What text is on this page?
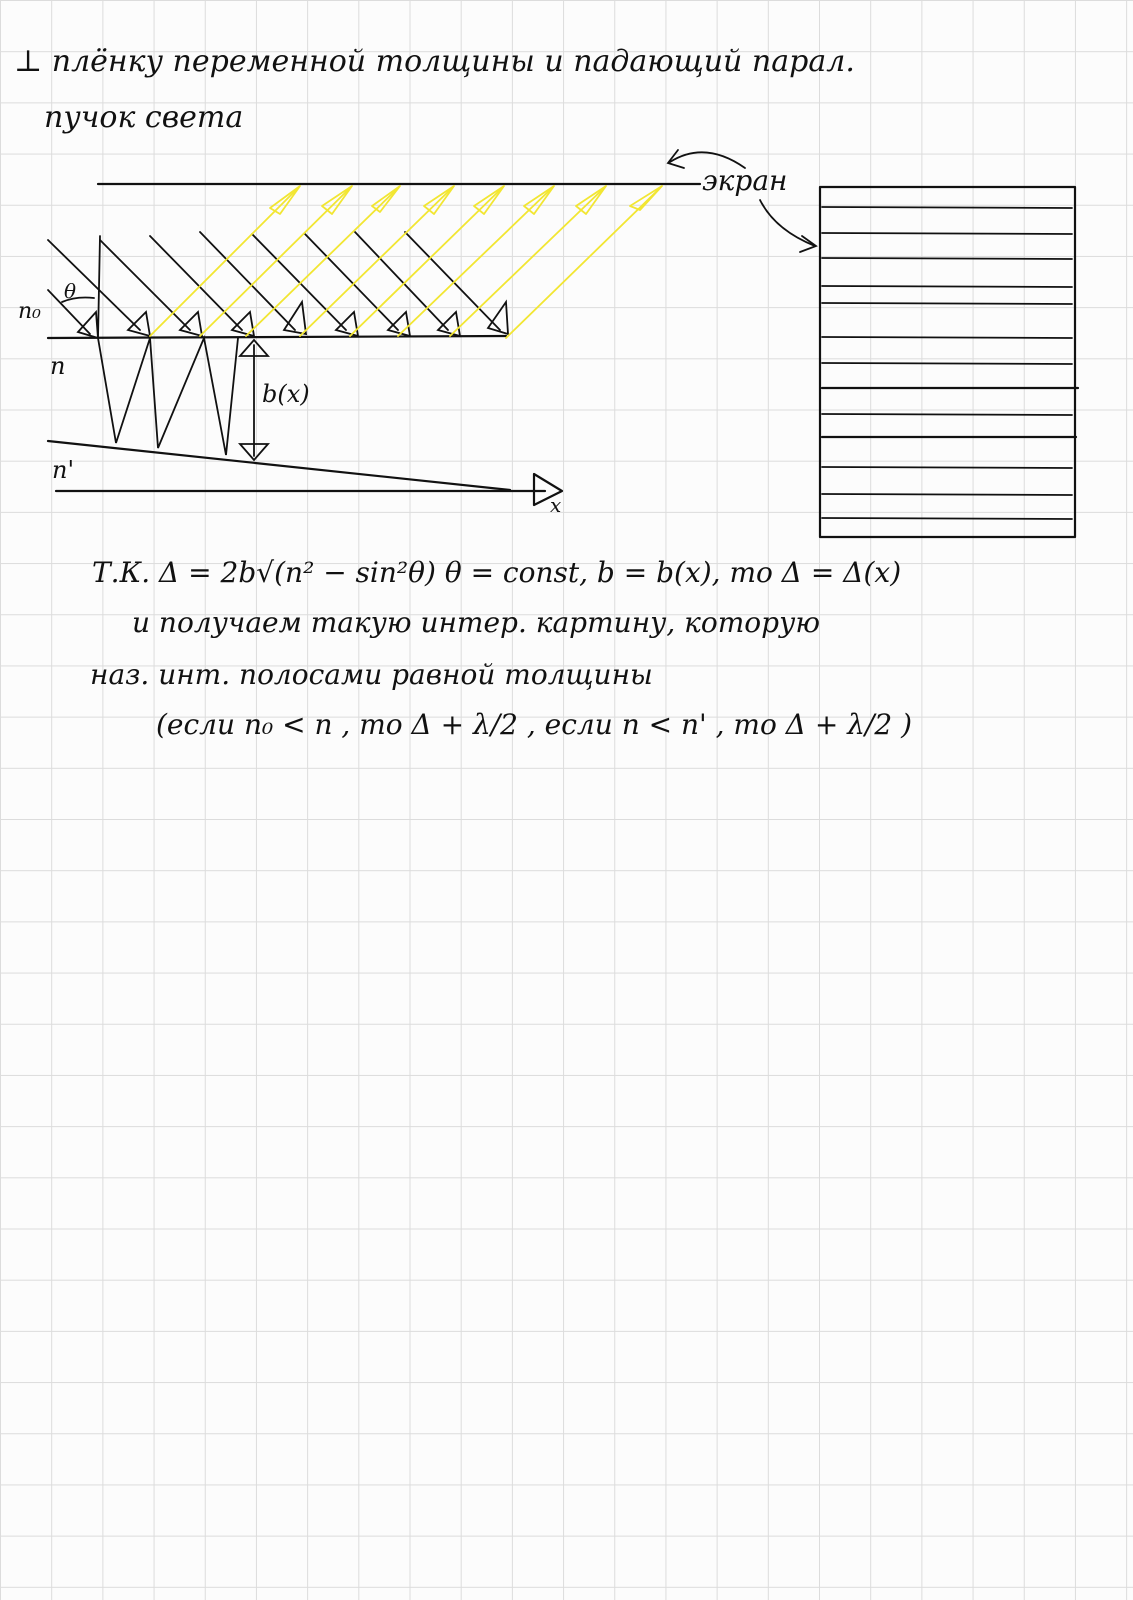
⊥ плёнку переменной толщины и падающий парал.
пучок света
экран
x
b(x)
θ
n₀
n
n'
Т.К. Δ = 2b√(n² − sin²θ) θ = const, b = b(x), то Δ = Δ(x)
и получаем такую интер. картину, которую
наз. инт. полосами равной толщины
(если n₀ < n , то Δ + λ/2 , если n < n' , то Δ + λ/2 )
